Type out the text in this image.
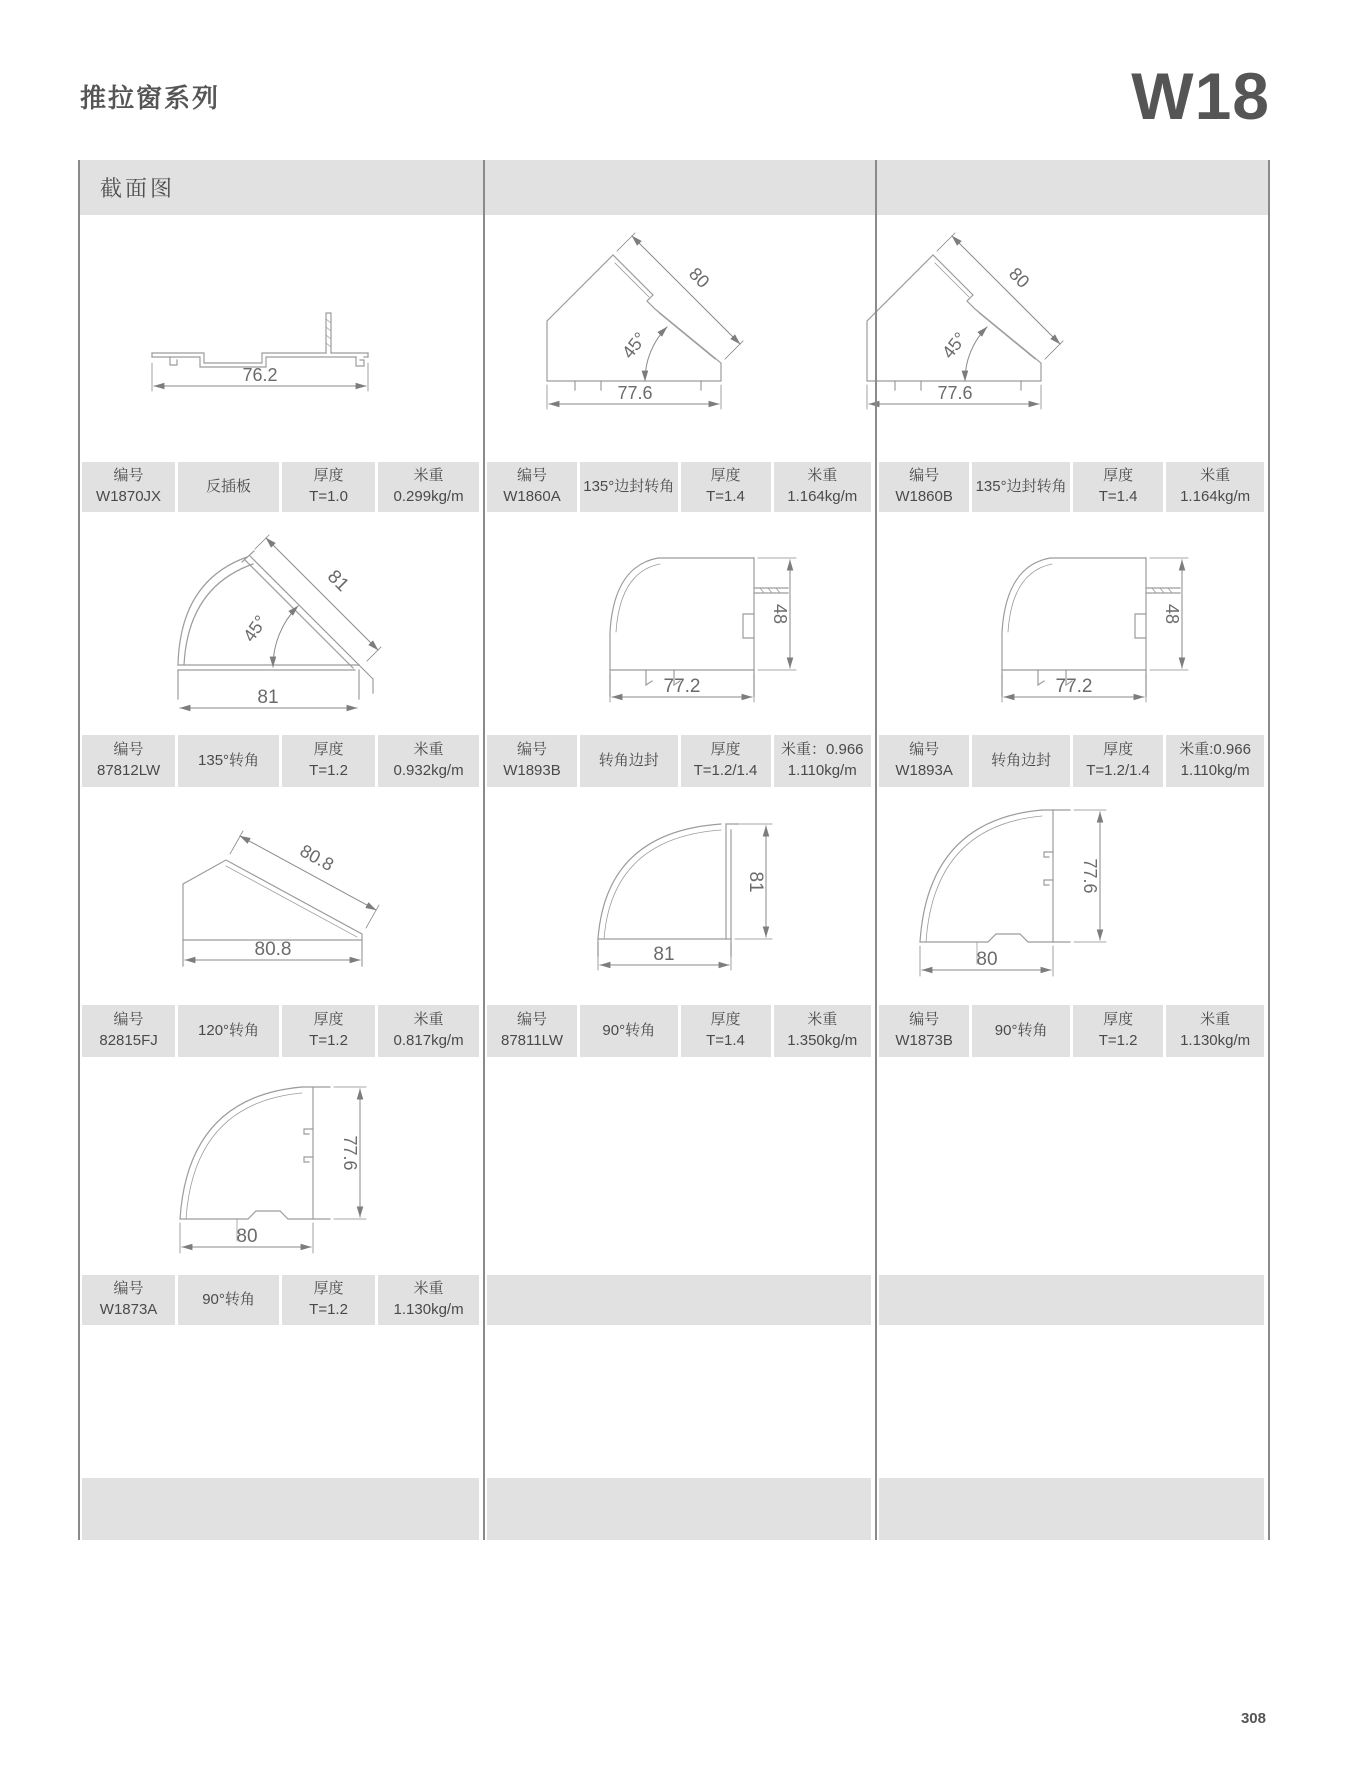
推拉窗系列	W18
截面图
76.2
80
45°
77.6
80
45°
77.6
编号
W1870JX
反插板
厚度
T=1.0
米重
0.299kg/m
编号
W1860A
135°边封转角
厚度
T=1.4
米重
1.164kg/m
编号
W1860B
135°边封转角
厚度
T=1.4
米重
1.164kg/m
81
45°
81
48
77.2
48
77.2
编号
87812LW
135°转角
厚度
T=1.2
米重
0.932kg/m
编号
W1893B
转角边封
厚度
T=1.2/1.4
米重：0.966
1.110kg/m
编号
W1893A
转角边封
厚度
T=1.2/1.4
米重:0.966
1.110kg/m
80.8
80.8
81
81
77.6
80
编号
82815FJ
120°转角
厚度
T=1.2
米重
0.817kg/m
编号
87811LW
90°转角
厚度
T=1.4
米重
1.350kg/m
编号
W1873B
90°转角
厚度
T=1.2
米重
1.130kg/m
77.6
80
编号
W1873A
90°转角
厚度
T=1.2
米重
1.130kg/m
308
